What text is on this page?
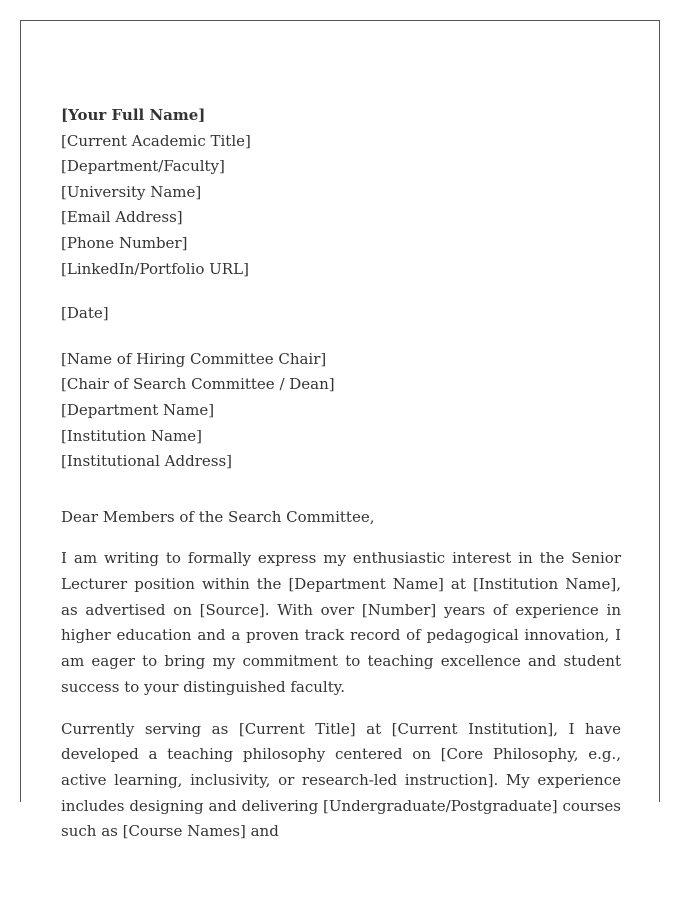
[Your Full Name]
[Current Academic Title]
[Department/Faculty]
[University Name]
[Email Address]
[Phone Number]
[LinkedIn/Portfolio URL]
[Date]
[Name of Hiring Committee Chair]
[Chair of Search Committee / Dean]
[Department Name]
[Institution Name]
[Institutional Address]
Dear Members of the Search Committee,

I am writing to formally express my enthusiastic interest in the Senior Lecturer position within the [Department Name] at [Institution Name], as advertised on [Source]. With over [Number] years of experience in higher education and a proven track record of pedagogical innovation, I am eager to bring my commitment to teaching excellence and student success to your distinguished faculty.

Currently serving as [Current Title] at [Current Institution], I have developed a teaching philosophy centered on [Core Philosophy, e.g., active learning, inclusivity, or research-led instruction]. My experience includes designing and delivering [Undergraduate/Postgraduate] courses such as [Course Names] and
